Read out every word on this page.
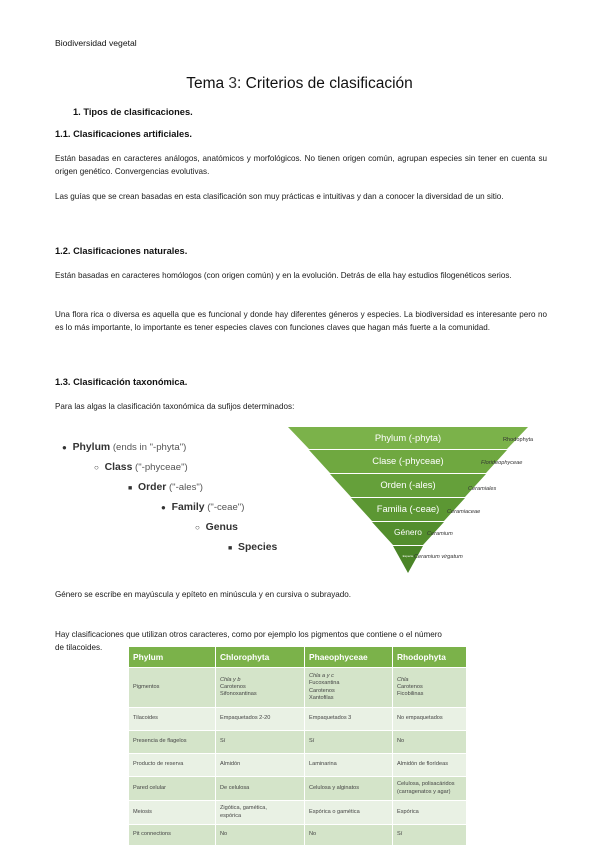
Biodiversidad vegetal
Tema 3: Criterios de clasificación
1. Tipos de clasificaciones.
1.1. Clasificaciones artificiales.
Están basadas en caracteres análogos, anatómicos y morfológicos. No tienen origen común, agrupan especies sin tener en cuenta su origen genético. Convergencias evolutivas.
Las guías que se crean basadas en esta clasificación son muy prácticas e intuitivas y dan a conocer la diversidad de un sitio.
1.2. Clasificaciones naturales.
Están basadas en caracteres homólogos (con origen común) y en la evolución. Detrás de ella hay estudios filogenéticos serios.
Una flora rica o diversa es aquella que es funcional y donde hay diferentes géneros y especies. La biodiversidad es interesante pero no es lo más importante, lo importante es tener especies claves con funciones claves que hagan más fuerte a la comunidad.
1.3. Clasificación taxonómica.
Para las algas la clasificación taxonómica da sufijos determinados:
● Phylum (ends in "-phyta")
○ Class ("-phyceae")
■ Order ("-ales")
● Family ("-ceae")
○ Genus
■ Species
Phylum (-phyta)
Clase (-phyceae)
Orden (-ales)
Familia (-ceae)
Género
Especie
Rhodophyta
Florideophyceae
Ceramiales
Ceramiaceae
Ceramium
Ceramium virgatum
Género se escribe en mayúscula y epíteto en minúscula y en cursiva o subrayado.
Hay clasificaciones que utilizan otros caracteres, como por ejemplo los pigmentos que contiene o el número
de tilacoides.
Phylum	Chlorophyta	Phaeophyceae	Rhodophyta
Pigmentos	Chla y b
Carotenos
Sifonoxantinas	Chla a y c
Fucoxantina
Carotenos
Xantofilas	Chla
Carotenos
Ficobilinas

Tilacoides	Empaquetados 2-20	Empaquetados 3	No empaquetados
Presencia de flagelos	Sí	Sí	No
Producto de reserva	Almidón	Laminarina	Almidón de florídeas
Pared celular	De celulosa	Celulosa y alginatos	Celulosa, polisacáridos
(carragenatos y agar)

Meiosis	Zigótica, gamética,
espórica	Espórica o gamética	Espórica
Pit connections	No	No	Sí
